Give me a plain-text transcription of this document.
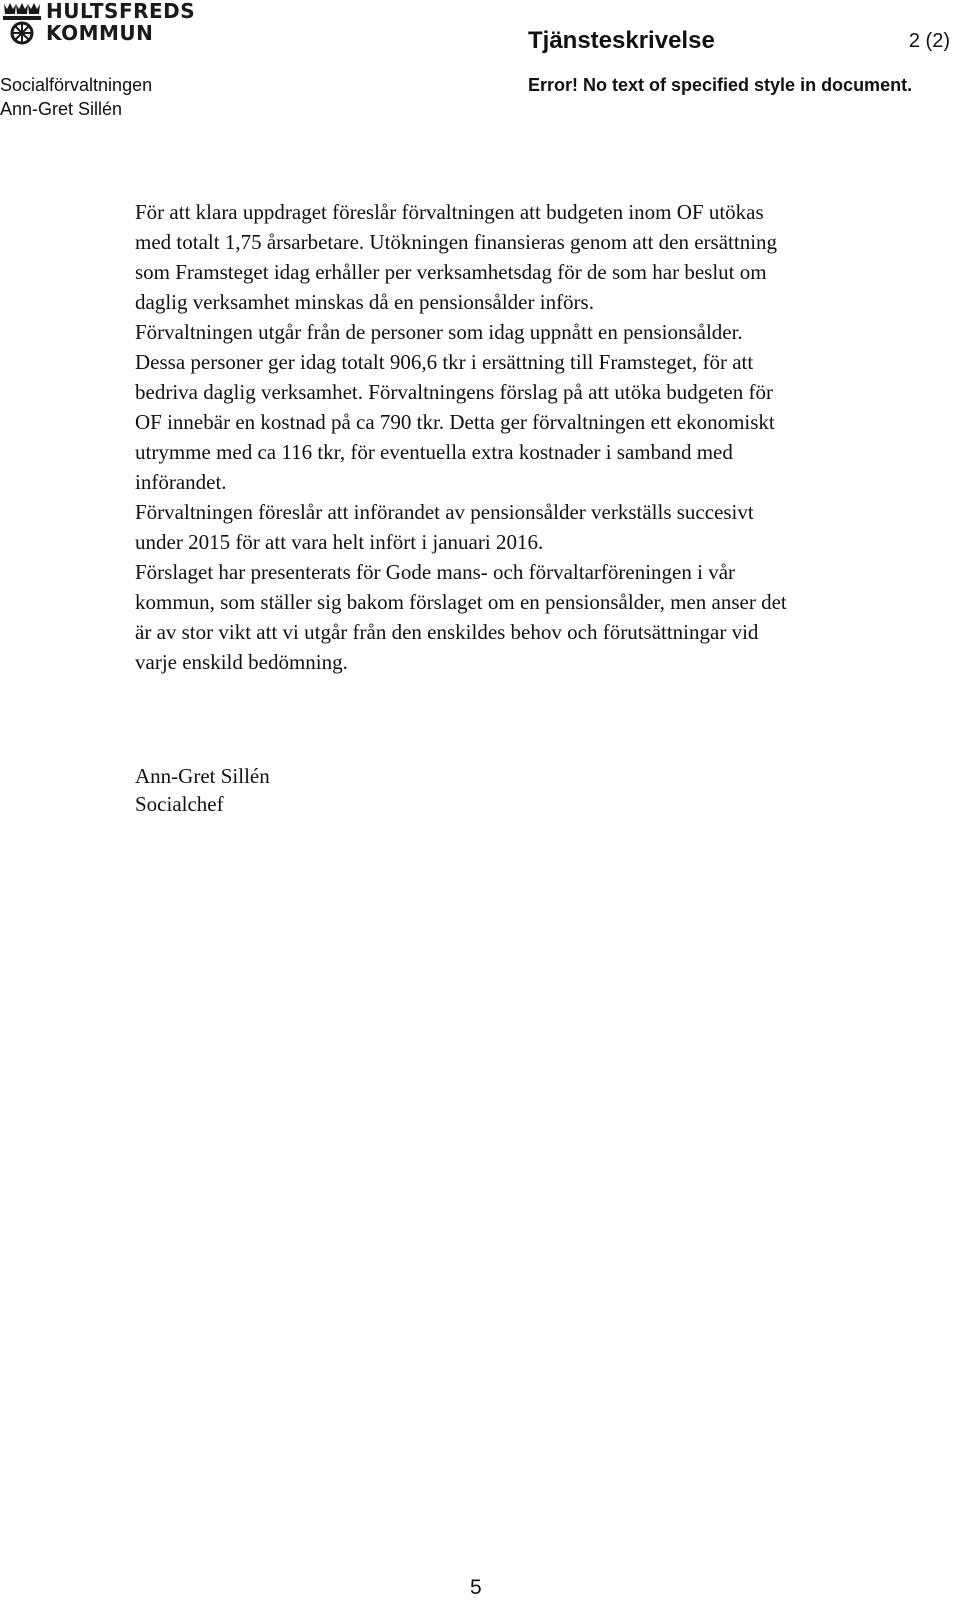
HULTSFREDS
KOMMUN	Tjänsteskrivelse	2 (2)
Socialförvaltningen
Ann-Gret Sillén
Error! No text of specified style in document.

För att klara uppdraget föreslår förvaltningen att budgeten inom OF utökas
med totalt 1,75 årsarbetare. Utökningen finansieras genom att den ersättning
som Framsteget idag erhåller per verksamhetsdag för de som har beslut om
daglig verksamhet minskas då en pensionsålder införs.

Förvaltningen utgår från de personer som idag uppnått en pensionsålder.
Dessa personer ger idag totalt 906,6 tkr i ersättning till Framsteget, för att
bedriva daglig verksamhet. Förvaltningens förslag på att utöka budgeten för
OF innebär en kostnad på ca 790 tkr. Detta ger förvaltningen ett ekonomiskt
utrymme med ca 116 tkr, för eventuella extra kostnader i samband med
införandet.

Förvaltningen föreslår att införandet av pensionsålder verkställs succesivt
under 2015 för att vara helt infört i januari 2016.

Förslaget har presenterats för Gode mans- och förvaltarföreningen i vår
kommun, som ställer sig bakom förslaget om en pensionsålder, men anser det
är av stor vikt att vi utgår från den enskildes behov och förutsättningar vid
varje enskild bedömning.

Ann-Gret Sillén
Socialchef
5
